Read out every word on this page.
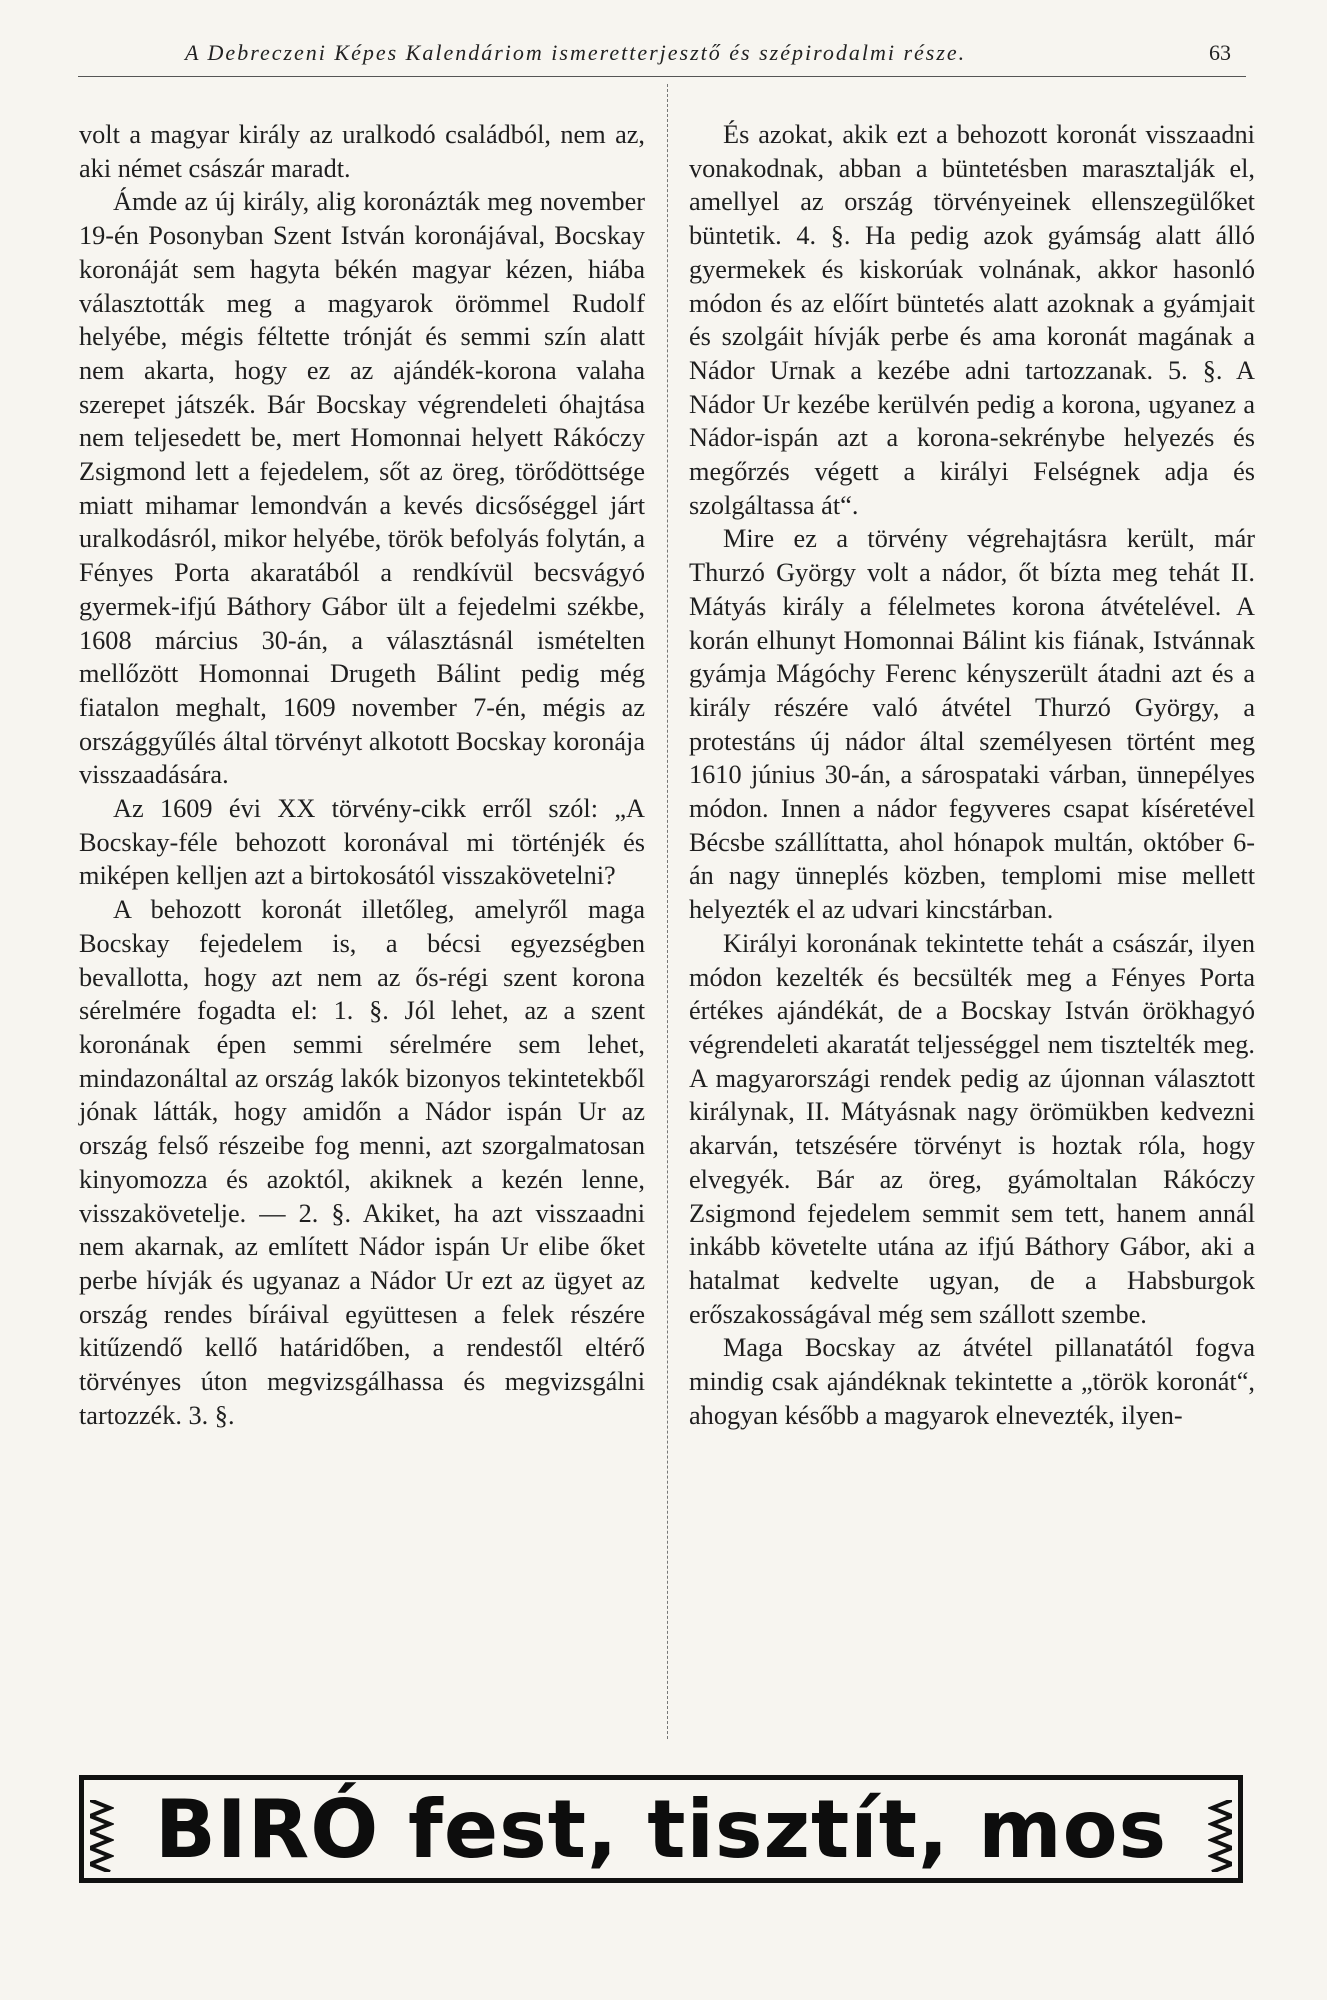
A Debreczeni Képes Kalendáriom ismeretterjesztő és szépirodalmi része.	63

volt a magyar király az uralkodó családból, nem az, aki német császár maradt.

Ámde az új király, alig koronázták meg november 19-én Posonyban Szent István koronájával, Bocskay koronáját sem hagyta békén magyar kézen, hiába választották meg a magyarok örömmel Rudolf helyébe, mégis féltette trónját és semmi szín alatt nem akarta, hogy ez az ajándék-korona valaha szerepet játszék. Bár Bocskay végrendeleti óhajtása nem teljesedett be, mert Homonnai helyett Rákóczy Zsigmond lett a fejedelem, sőt az öreg, törődöttsége miatt mihamar lemondván a kevés dicsőséggel járt uralkodásról, mikor helyébe, török befolyás folytán, a Fényes Porta akaratából a rendkívül becsvágyó gyermek-ifjú Báthory Gábor ült a fejedelmi székbe, 1608 március 30-án, a választásnál ismételten mellőzött Homonnai Drugeth Bálint pedig még fiatalon meghalt, 1609 november 7-én, mégis az országgyűlés által törvényt alkotott Bocskay koronája visszaadására.

Az 1609 évi XX törvény-cikk erről szól: „A Bocskay-féle behozott koronával mi történjék és miképen kelljen azt a birtokosától visszakövetelni?

A behozott koronát illetőleg, amelyről maga Bocskay fejedelem is, a bécsi egyezségben bevallotta, hogy azt nem az ős-régi szent korona sérelmére fogadta el: 1. §. Jól lehet, az a szent koronának épen semmi sérelmére sem lehet, mindazonáltal az ország lakók bizonyos tekintetekből jónak látták, hogy amidőn a Nádor ispán Ur az ország felső részeibe fog menni, azt szorgalmatosan kinyomozza és azoktól, akiknek a kezén lenne, visszakövetelje. — 2. §. Akiket, ha azt visszaadni nem akarnak, az említett Nádor ispán Ur elibe őket perbe hívják és ugyanaz a Nádor Ur ezt az ügyet az ország rendes bíráival együttesen a felek részére kitűzendő kellő határidőben, a rendestől eltérő törvényes úton megvizsgálhassa és megvizsgálni tartozzék. 3. §.

És azokat, akik ezt a behozott koronát visszaadni vonakodnak, abban a büntetésben marasztalják el, amellyel az ország törvényeinek ellenszegülőket büntetik. 4. §. Ha pedig azok gyámság alatt álló gyermekek és kiskorúak volnának, akkor hasonló módon és az előírt büntetés alatt azoknak a gyámjait és szolgáit hívják perbe és ama koronát magának a Nádor Urnak a kezébe adni tartozzanak. 5. §. A Nádor Ur kezébe kerülvén pedig a korona, ugyanez a Nádor-ispán azt a korona-sekrénybe helyezés és megőrzés végett a királyi Felségnek adja és szolgáltassa át“.

Mire ez a törvény végrehajtásra került, már Thurzó György volt a nádor, őt bízta meg tehát II. Mátyás király a félelmetes korona átvételével. A korán elhunyt Homonnai Bálint kis fiának, Istvánnak gyámja Mágóchy Ferenc kényszerült átadni azt és a király részére való átvétel Thurzó György, a protestáns új nádor által személyesen történt meg 1610 június 30-án, a sárospataki várban, ünnepélyes módon. Innen a nádor fegyveres csapat kíséretével Bécsbe szállíttatta, ahol hónapok multán, október 6-án nagy ünneplés közben, templomi mise mellett helyezték el az udvari kincstárban.

Királyi koronának tekintette tehát a császár, ilyen módon kezelték és becsülték meg a Fényes Porta értékes ajándékát, de a Bocskay István örökhagyó végrendeleti akaratát teljességgel nem tisztelték meg. A magyarországi rendek pedig az újonnan választott királynak, II. Mátyásnak nagy örömükben kedvezni akarván, tetszésére törvényt is hoztak róla, hogy elvegyék. Bár az öreg, gyámoltalan Rákóczy Zsigmond fejedelem semmit sem tett, hanem annál inkább követelte utána az ifjú Báthory Gábor, aki a hatalmat kedvelte ugyan, de a Habsburgok erőszakosságával még sem szállott szembe.

Maga Bocskay az átvétel pillanatától fogva mindig csak ajándéknak tekintette a „török koronát“, ahogyan később a magyarok elnevezték, ilyen-

BIRÓ fest, tisztít, mos
